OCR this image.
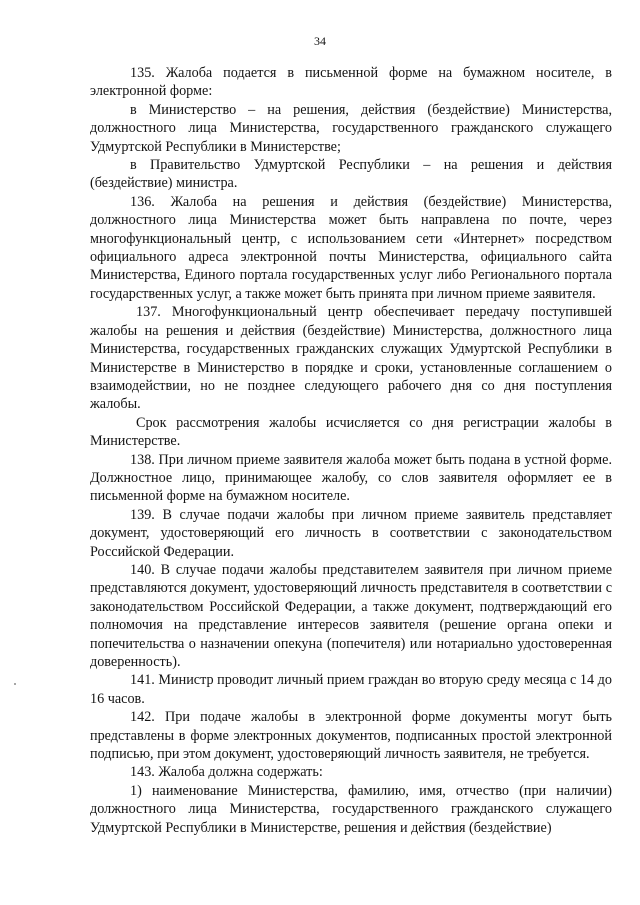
34

135. Жалоба подается в письменной форме на бумажном носителе, в электронной форме:

в Министерство – на решения, действия (бездействие) Министерства, должностного лица Министерства, государственного гражданского служащего Удмуртской Республики в Министерстве;

в Правительство Удмуртской Республики – на решения и действия (бездействие) министра.

136. Жалоба на решения и действия (бездействие) Министерства, должностного лица Министерства может быть направлена по почте, через многофункциональный центр, с использованием сети «Интернет» посредством официального адреса электронной почты Министерства, официального сайта Министерства, Единого портала государственных услуг либо Регионального портала государственных услуг, а также может быть принята при личном приеме заявителя.

137. Многофункциональный центр обеспечивает передачу поступившей жалобы на решения и действия (бездействие) Министерства, должностного лица Министерства, государственных гражданских служащих Удмуртской Республики в Министерстве в Министерство в порядке и сроки, установленные соглашением о взаимодействии, но не позднее следующего рабочего дня со дня поступления жалобы.

Срок рассмотрения жалобы исчисляется со дня регистрации жалобы в Министерстве.

138. При личном приеме заявителя жалоба может быть подана в устной форме. Должностное лицо, принимающее жалобу, со слов заявителя оформляет ее в письменной форме на бумажном носителе.

139. В случае подачи жалобы при личном приеме заявитель представляет документ, удостоверяющий его личность в соответствии с законодательством Российской Федерации.

140. В случае подачи жалобы представителем заявителя при личном приеме представляются документ, удостоверяющий личность представителя в соответствии с законодательством Российской Федерации, а также документ, подтверждающий его полномочия на представление интересов заявителя (решение органа опеки и попечительства о назначении опекуна (попечителя) или нотариально удостоверенная доверенность).

141. Министр проводит личный прием граждан во вторую среду месяца с 14 до 16 часов.

142. При подаче жалобы в электронной форме документы могут быть представлены в форме электронных документов, подписанных простой электронной подписью, при этом документ, удостоверяющий личность заявителя, не требуется.

143. Жалоба должна содержать:

1) наименование Министерства, фамилию, имя, отчество (при наличии) должностного лица Министерства, государственного гражданского служащего Удмуртской Республики в Министерстве, решения и действия (бездействие)
